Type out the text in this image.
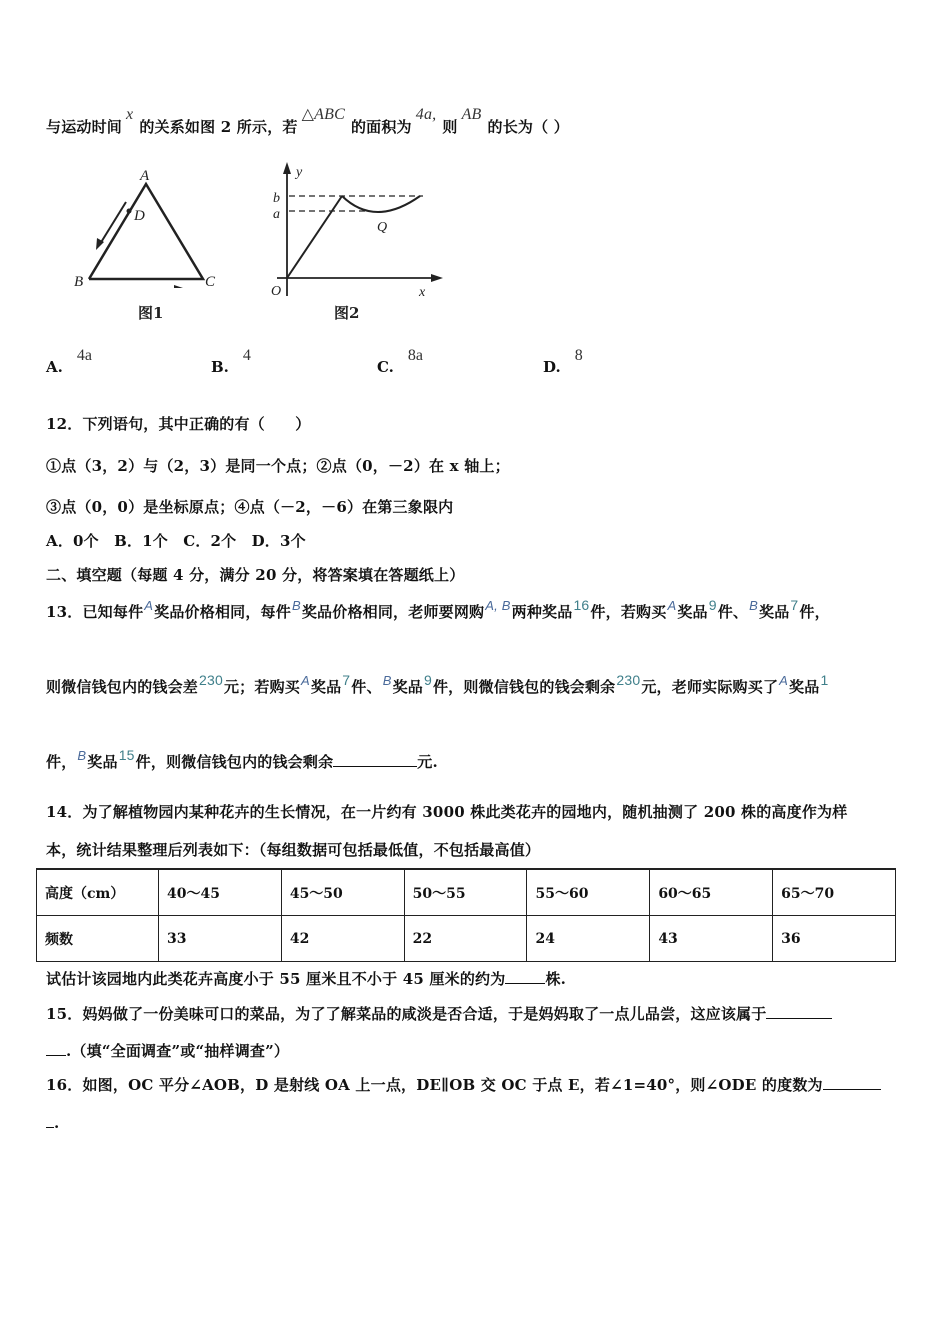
与运动时间x的关系如图 2 所示，若△ABC的面积为4a,则AB的长为（ ）
A
B	C
D
图1
y
b
a
Q
O	x
图2
A.4a
B.4
C.8a
D.8
12．下列语句，其中正确的有（　　）
①点（3，2）与（2，3）是同一个点；②点（0，－2）在 x 轴上；
③点（0，0）是坐标原点；④点（－2，－6）在第三象限内
A．0个　B．1个　C．2个　D．3个
二、填空题（每题 4 分，满分 20 分，将答案填在答题纸上）
13．已知每件A奖品价格相同，每件B奖品价格相同，老师要网购A, B两种奖品16件，若购买A奖品9件、B奖品7件，
则微信钱包内的钱会差230元；若购买A奖品7件、B奖品9件，则微信钱包的钱会剩余230元，老师实际购买了A奖品1
件，B奖品15件，则微信钱包内的钱会剩余	元.
14．为了解植物园内某种花卉的生长情况，在一片约有 3000 株此类花卉的园地内，随机抽测了 200 株的高度作为样
本，统计结果整理后列表如下：（每组数据可包括最低值，不包括最高值）
高度（cm）	40～45	45～50	50～55	55～60	60～65	65～70
频数	33	42	22	24	43	36
试估计该园地内此类花卉高度小于 55 厘米且不小于 45 厘米的约为	株.
15．妈妈做了一份美味可口的菜品，为了了解菜品的咸淡是否合适，于是妈妈取了一点儿品尝，这应该属于
.（填“全面调查”或“抽样调查”）
16．如图，OC 平分∠AOB，D 是射线 OA 上一点，DE∥OB 交 OC 于点 E，若∠1=40°，则∠ODE 的度数为
.
